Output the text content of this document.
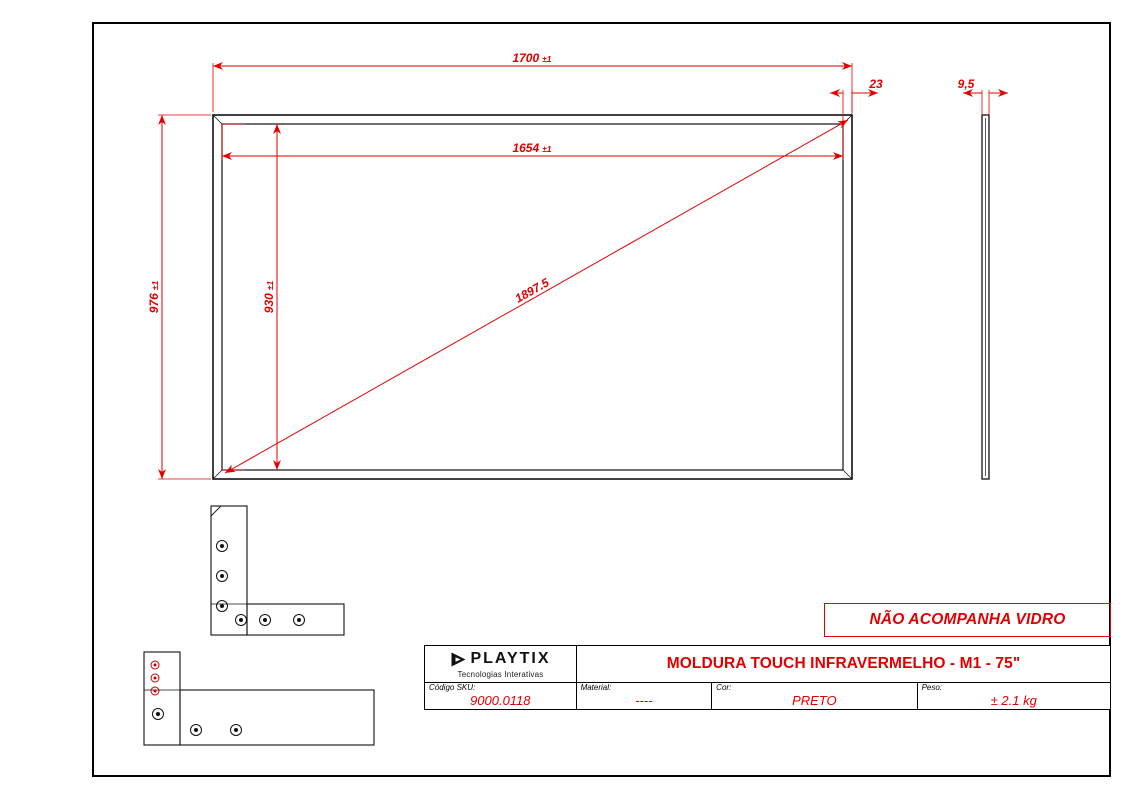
1700 ±1
1654 ±1
976±1
930±1	1897.5
23	9,5
NÃO ACOMPANHA VIDRO
PLAYTIX
Tecnologias Interativas
MOLDURA TOUCH INFRAVERMELHO - M1 - 75"
Código SKU:
9000.0118
Material:
----
Cor:
PRETO
Peso:
± 2.1 kg
